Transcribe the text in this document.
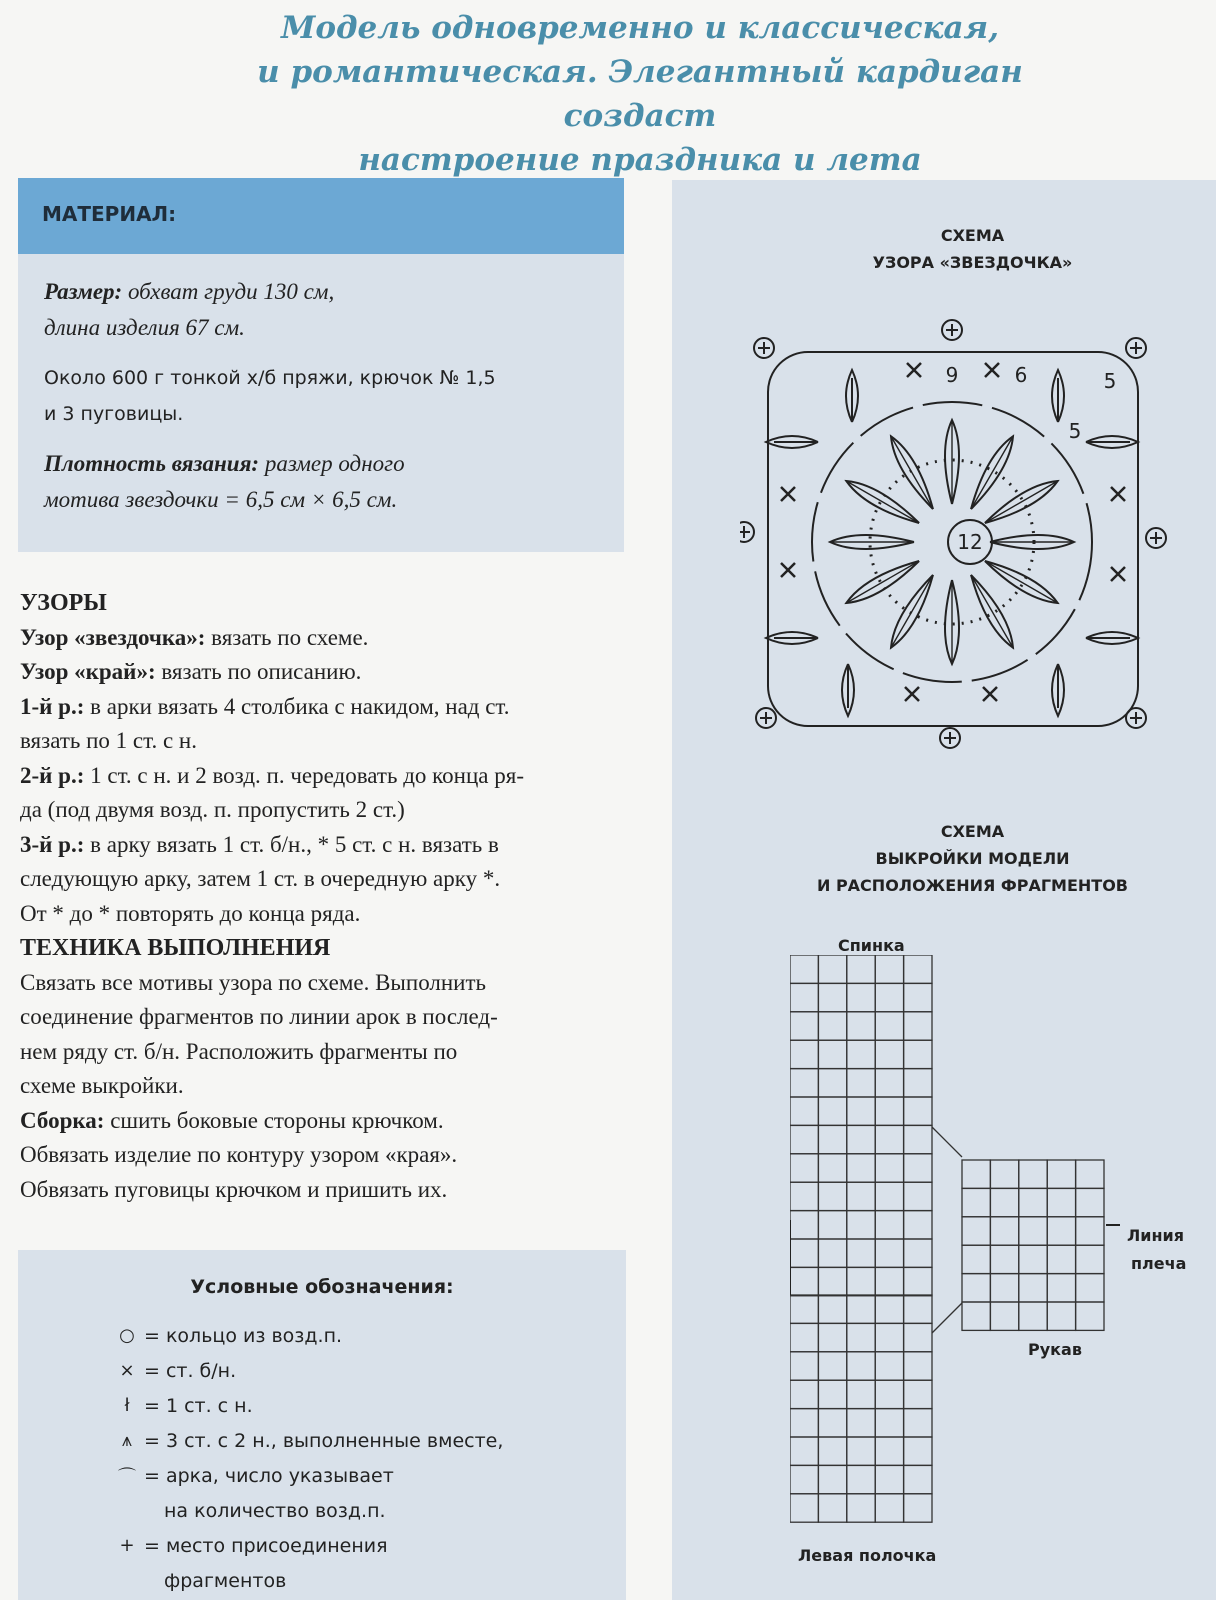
Модель одновременно и классическая,
и романтическая. Элегантный кардиган создаст
настроение праздника и лета
МАТЕРИАЛ:

Размер: обхват груди 130 см,
длина изделия 67 см.

Около 600 г тонкой х/б пряжи, крючок № 1,5
и 3 пуговицы.

Плотность вязания: размер одного
мотива звездочки = 6,5 см × 6,5 см.

УЗОРЫ

Узор «звездочка»: вязать по схеме.

Узор «край»: вязать по описанию.

1-й р.: в арки вязать 4 столбика с накидом, над ст.

вязать по 1 ст. с н.

2-й р.: 1 ст. с н. и 2 возд. п. чередовать до конца ря-

да (под двумя возд. п. пропустить 2 ст.)

3-й р.: в арку вязать 1 ст. б/н., * 5 ст. с н. вязать в

следующую арку, затем 1 ст. в очередную арку *.

От * до * повторять до конца ряда.

ТЕХНИКА ВЫПОЛНЕНИЯ

Связать все мотивы узора по схеме. Выполнить

соединение фрагментов по линии арок в послед-

нем ряду ст. б/н. Расположить фрагменты по

схеме выкройки.

Сборка: сшить боковые стороны крючком.

Обвязать изделие по контуру узором «края».

Обвязать пуговицы крючком и пришить их.

Условные обозначения:
○ = кольцо из возд.п.
× = ст. б/н.
ł = 1 ст. с н.
⩚ = 3 ст. с 2 н., выполненные вместе,
⌒ = арка, число указывает
на количество возд.п.
+ = место присоединения
фрагментов
СХЕМА
УЗОРА «ЗВЕЗДОЧКА»
12
9	6	5
5
СХЕМА
ВЫКРОЙКИ МОДЕЛИ
И РАСПОЛОЖЕНИЯ ФРАГМЕНТОВ
Спинка
Линия
плеча
Рукав
Левая полочка
